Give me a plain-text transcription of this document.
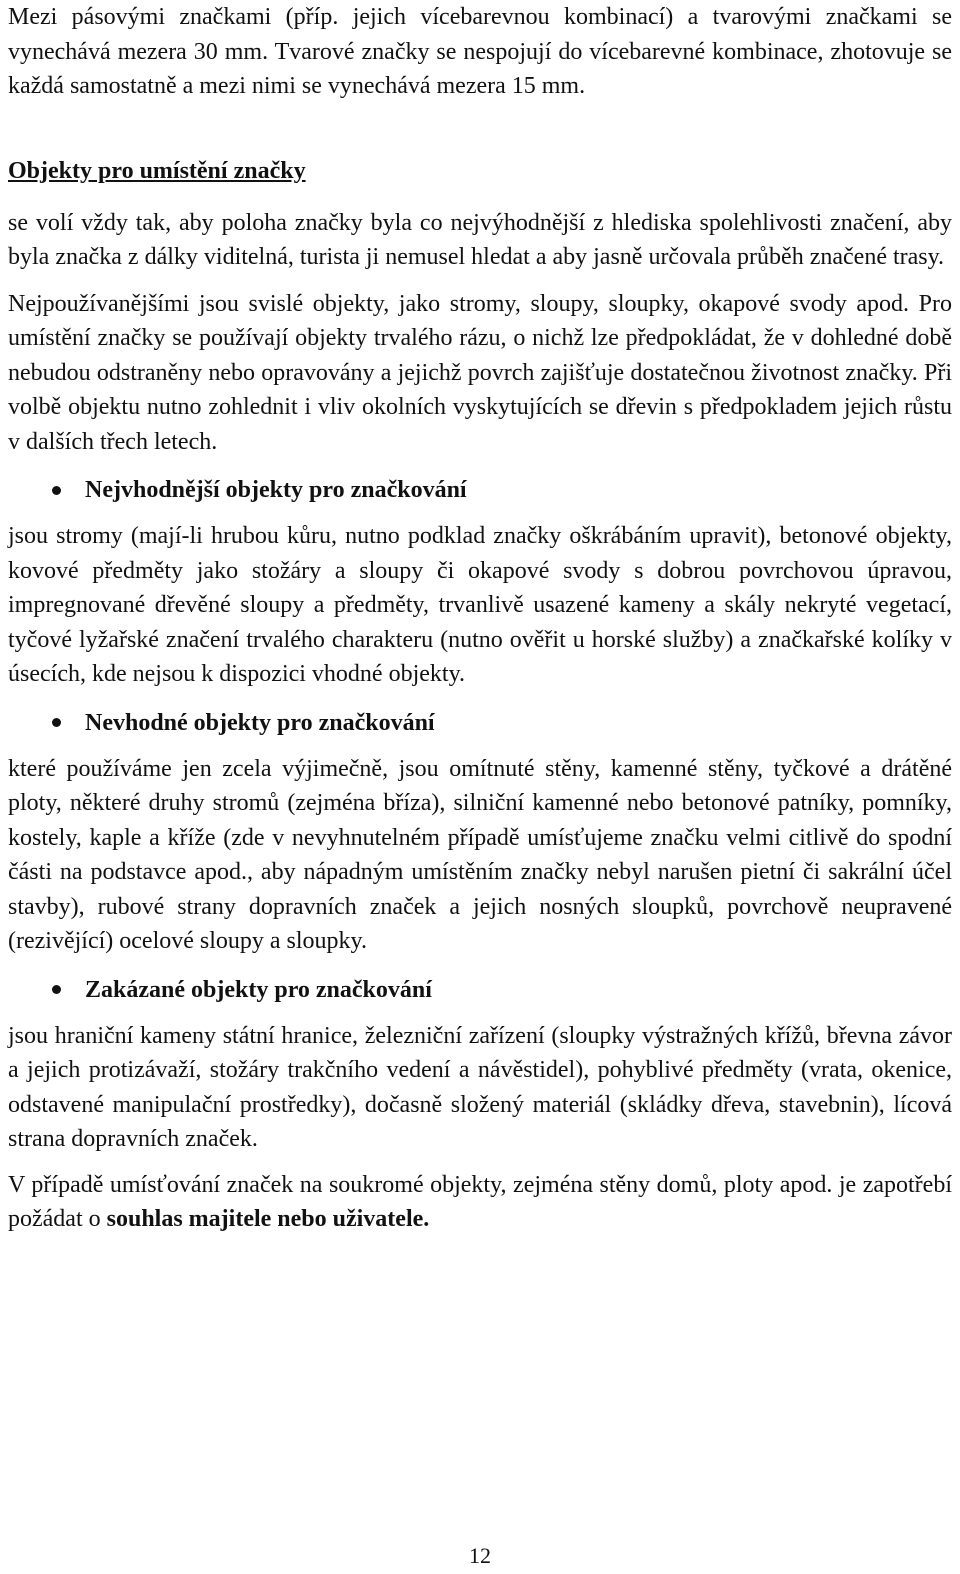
Mezi pásovými značkami (příp. jejich vícebarevnou kombinací) a tvarovými značkami se vynechává mezera 30 mm. Tvarové značky se nespojují do vícebarevné kombinace, zhotovuje se každá samostatně a mezi nimi se vynechává mezera 15 mm.

Objekty pro umístění značky

se volí vždy tak, aby poloha značky byla co nejvýhodnější z hlediska spolehlivosti značení, aby byla značka z dálky viditelná, turista ji nemusel hledat a aby jasně určovala průběh značené trasy.

Nejpoužívanějšími jsou svislé objekty, jako stromy, sloupy, sloupky, okapové svody apod. Pro umístění značky se používají objekty trvalého rázu, o nichž lze předpokládat, že v dohledné době nebudou odstraněny nebo opravovány a jejichž povrch zajišťuje dostatečnou životnost značky. Při volbě objektu nutno zohlednit i vliv okolních vyskytujících se dřevin s předpokladem jejich růstu v dalších třech letech.

Nejvhodnější objekty pro značkování

jsou stromy (mají-li hrubou kůru, nutno podklad značky oškrábáním upravit), betonové objekty, kovové předměty jako stožáry a sloupy či okapové svody s dobrou povrchovou úpravou, impregnované dřevěné sloupy a předměty, trvanlivě usazené kameny a skály nekryté vegetací, tyčové lyžařské značení trvalého charakteru (nutno ověřit u horské služby) a značkařské kolíky v úsecích, kde nejsou k dispozici vhodné objekty.

Nevhodné objekty pro značkování

které používáme jen zcela výjimečně, jsou omítnuté stěny, kamenné stěny, tyčkové a drátěné ploty, některé druhy stromů (zejména bříza), silniční kamenné nebo betonové patníky, pomníky, kostely, kaple a kříže (zde v nevyhnutelném případě umísťujeme značku velmi citlivě do spodní části na podstavce apod., aby nápadným umístěním značky nebyl narušen pietní či sakrální účel stavby), rubové strany dopravních značek a jejich nosných sloupků, povrchově neupravené (rezivějící) ocelové sloupy a sloupky.

Zakázané objekty pro značkování

jsou hraniční kameny státní hranice, železniční zařízení (sloupky výstražných křížů, břevna závor a jejich protizávaží, stožáry trakčního vedení a návěstidel), pohyblivé předměty (vrata, okenice, odstavené manipulační prostředky), dočasně složený materiál (skládky dřeva, stavebnin), lícová strana dopravních značek.

V případě umísťování značek na soukromé objekty, zejména stěny domů, ploty apod. je zapotřebí požádat o souhlas majitele nebo uživatele.

12
